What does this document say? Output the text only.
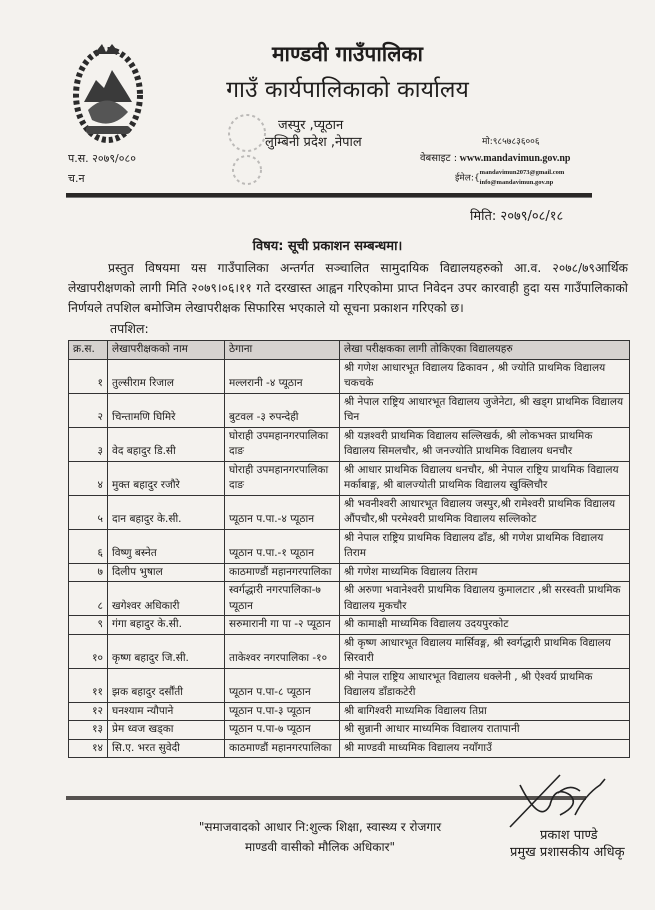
माण्डवी गाउँपालिका
गाउँ कार्यपालिकाको कार्यालय
जस्पुर ,प्यूठान
लुम्बिनी प्रदेश ,नेपाल
प.स. २०७९/०८०
च.न
मो:९८५७८३६००६
वेबसाइट : www.mandavimun.gov.np
ईमेल:{mandavimun2073@gmail.com
info@mandavimun.gov.np
मिति: २०७९/०८/१८
विषय: सूची प्रकाशन सम्बन्धमा।
प्रस्तुत विषयमा यस गाउँपालिका अन्तर्गत सञ्चालित सामुदायिक विद्यालयहरुको आ.व. २०७८/७९आर्थिक लेखापरीक्षणको लागी मिति २०७९।०६।११ गते दरखास्त आह्वन गरिएकोमा प्राप्त निवेदन उपर कारवाही हुदा यस गाउँपालिकाको निर्णयले तपशिल बमोजिम लेखापरीक्षक सिफारिस भएकाले यो सूचना प्रकाशन गरिएको छ।
तपशिल:
क्र.स.	लेखापरीक्षकको नाम	ठेगाना	लेखा परीक्षकका लागी तोकिएका विद्यालयहरु
१	तुल्सीराम रिजाल	मल्लरानी -४ प्यूठान	श्री गणेश आधारभूत विद्यालय ढिकावन , श्री ज्योति प्राथमिक विद्यालय चकचके
२	चिन्तामणि घिमिरे	बुटवल -३ रुपन्देही	श्री नेपाल राष्ट्रिय आधारभूत विद्यालय जुजेनेटा, श्री खड्ग प्राथमिक विद्यालय चिन
३	वेद बहादुर डि.सी	घोराही उपमहानगरपालिका दाङ	श्री यज्ञश्वरी प्राथमिक विद्यालय सल्लिखर्क, श्री लोकभक्त प्राथमिक विद्यालय सिमलचौर, श्री जनज्योति प्राथमिक विद्यालय धनचौर
४	मुक्त बहादुर रजौरे	घोराही उपमहानगरपालिका दाङ	श्री आधार प्राथमिक विद्यालय धनचौर, श्री नेपाल राष्ट्रिय प्राथमिक विद्यालय मर्काबाङ्ग, श्री बालज्योती प्राथमिक विद्यालय खुक्लिचौर
५	दान बहादुर के.सी.	प्यूठान प.पा.-४ प्यूठान	श्री भवनीश्वरी आधारभूत विद्यालय जस्पुर,श्री रामेश्वरी प्राथमिक विद्यालय औंपचौर,श्री परमेश्वरी प्राथमिक विद्यालय सल्लिकोट
६	विष्णु बस्नेत	प्यूठान प.पा.-१ प्यूठान	श्री नेपाल राष्ट्रिय प्राथमिक विद्यालय ढाँड, श्री गणेश प्राथमिक विद्यालय तिराम
७	दिलीप भुषाल	काठमाण्डौं महानगरपालिका	श्री गणेश माध्यमिक विद्यालय तिराम
८	खगेश्वर अधिकारी	स्वर्गद्धारी नगरपालिका-७ प्यूठान	श्री अरुणा भवानेश्वरी प्राथमिक विद्यालय कुमालटार ,श्री सरस्वती प्राथमिक विद्यालय मुकचौर
९	गंगा बहादुर के.सी.	सरुमारानी गा पा -२ प्यूठान	श्री कामाक्षी माध्यमिक विद्यालय उदयपुरकोट
१०	कृष्ण बहादुर जि.सी.	ताकेश्वर नगरपालिका -१०	श्री कृष्ण आधारभूत विद्यालय मार्सिवङ्ग, श्री स्वर्गद्धारी प्राथमिक विद्यालय सिरवारी
११	झक बहादुर दर्सौंती	प्यूठान प.पा-८ प्यूठान	श्री नेपाल राष्ट्रिय आधारभूत विद्यालय धक्लेनी , श्री ऐश्वर्य प्राथमिक विद्यालय डाँडाकटेरी
१२	घनश्याम न्यौपाने	प्यूठान प.पा-३ प्यूठान	श्री बागिश्वरी माध्यमिक विद्यालय तिप्रा
१३	प्रेम ध्वज खड्का	प्यूठान प.पा-७ प्यूठान	श्री सुन्नानी आधार माध्यमिक विद्यालय रातापानी
१४	सि.ए. भरत सुवेदी	काठमाण्डौं महानगरपालिका	श्री माण्डवी माध्यमिक विद्यालय नयाँगाउँ
"समाजवादको आधार नि:शुल्क शिक्षा, स्वास्थ्य र रोजगार
माण्डवी वासीको मौलिक अधिकार"
प्रकाश पाण्डे
प्रमुख प्रशासकीय अधिकृ
